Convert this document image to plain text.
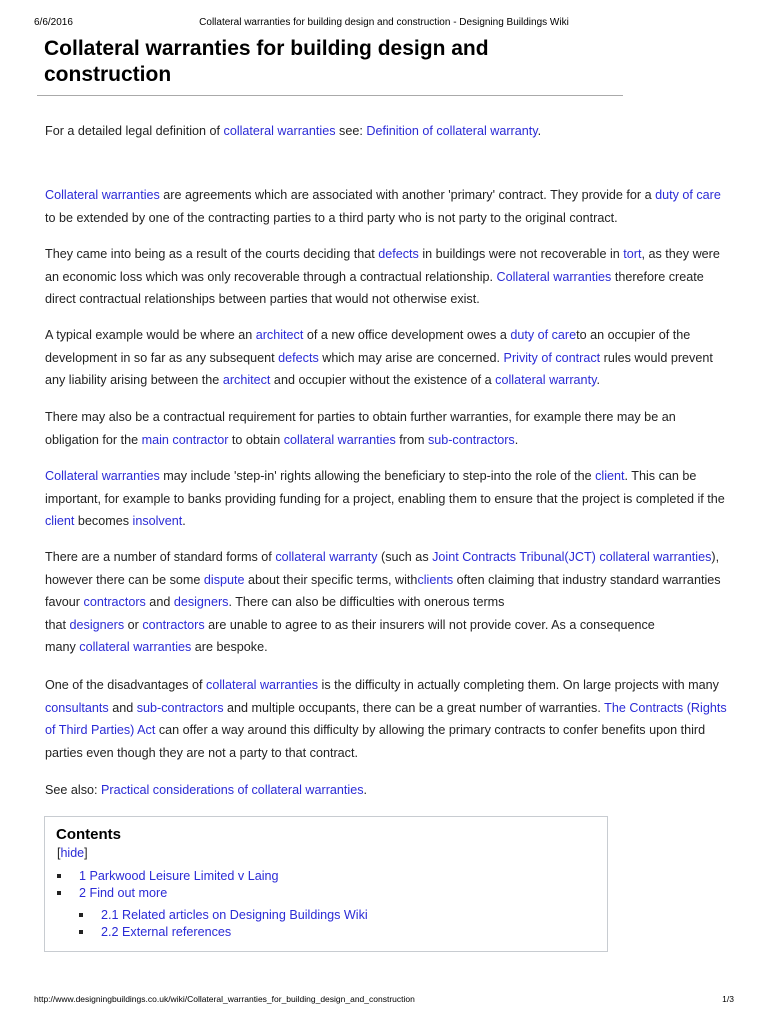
6/6/2016	Collateral warranties for building design and construction - Designing Buildings Wiki
Collateral warranties for building design and construction

For a detailed legal definition of collateral warranties see: Definition of collateral warranty.

Collateral warranties are agreements which are associated with another 'primary' contract. They provide for a duty of care to be extended by one of the contracting parties to a third party who is not party to the original contract.

They came into being as a result of the courts deciding that defects in buildings were not recoverable in tort, as they were an economic loss which was only recoverable through a contractual relationship. Collateral warranties therefore create direct contractual relationships between parties that would not otherwise exist.

A typical example would be where an architect of a new office development owes a duty of careto an occupier of the development in so far as any subsequent defects which may arise are concerned. Privity of contract rules would prevent any liability arising between the architect and occupier without the existence of a collateral warranty.

There may also be a contractual requirement for parties to obtain further warranties, for example there may be an obligation for the main contractor to obtain collateral warranties from sub-contractors.

Collateral warranties may include 'step-in' rights allowing the beneficiary to step-into the role of the client. This can be important, for example to banks providing funding for a project, enabling them to ensure that the project is completed if the client becomes insolvent.

There are a number of standard forms of collateral warranty (such as Joint Contracts Tribunal(JCT) collateral warranties), however there can be some dispute about their specific terms, withclients often claiming that industry standard warranties favour contractors and designers. There can also be difficulties with onerous terms
that designers or contractors are unable to agree to as their insurers will not provide cover. As a consequence
many collateral warranties are bespoke.

One of the disadvantages of collateral warranties is the difficulty in actually completing them. On large projects with many consultants and sub-contractors and multiple occupants, there can be a great number of warranties. The Contracts (Rights of Third Parties) Act can offer a way around this difficulty by allowing the primary contracts to confer benefits upon third parties even though they are not a party to that contract.

See also: Practical considerations of collateral warranties.

Contents
[hide]
1 Parkwood Leisure Limited v Laing
2 Find out more
2.1 Related articles on Designing Buildings Wiki
2.2 External references
http://www.designingbuildings.co.uk/wiki/Collateral_warranties_for_building_design_and_construction	1/3
